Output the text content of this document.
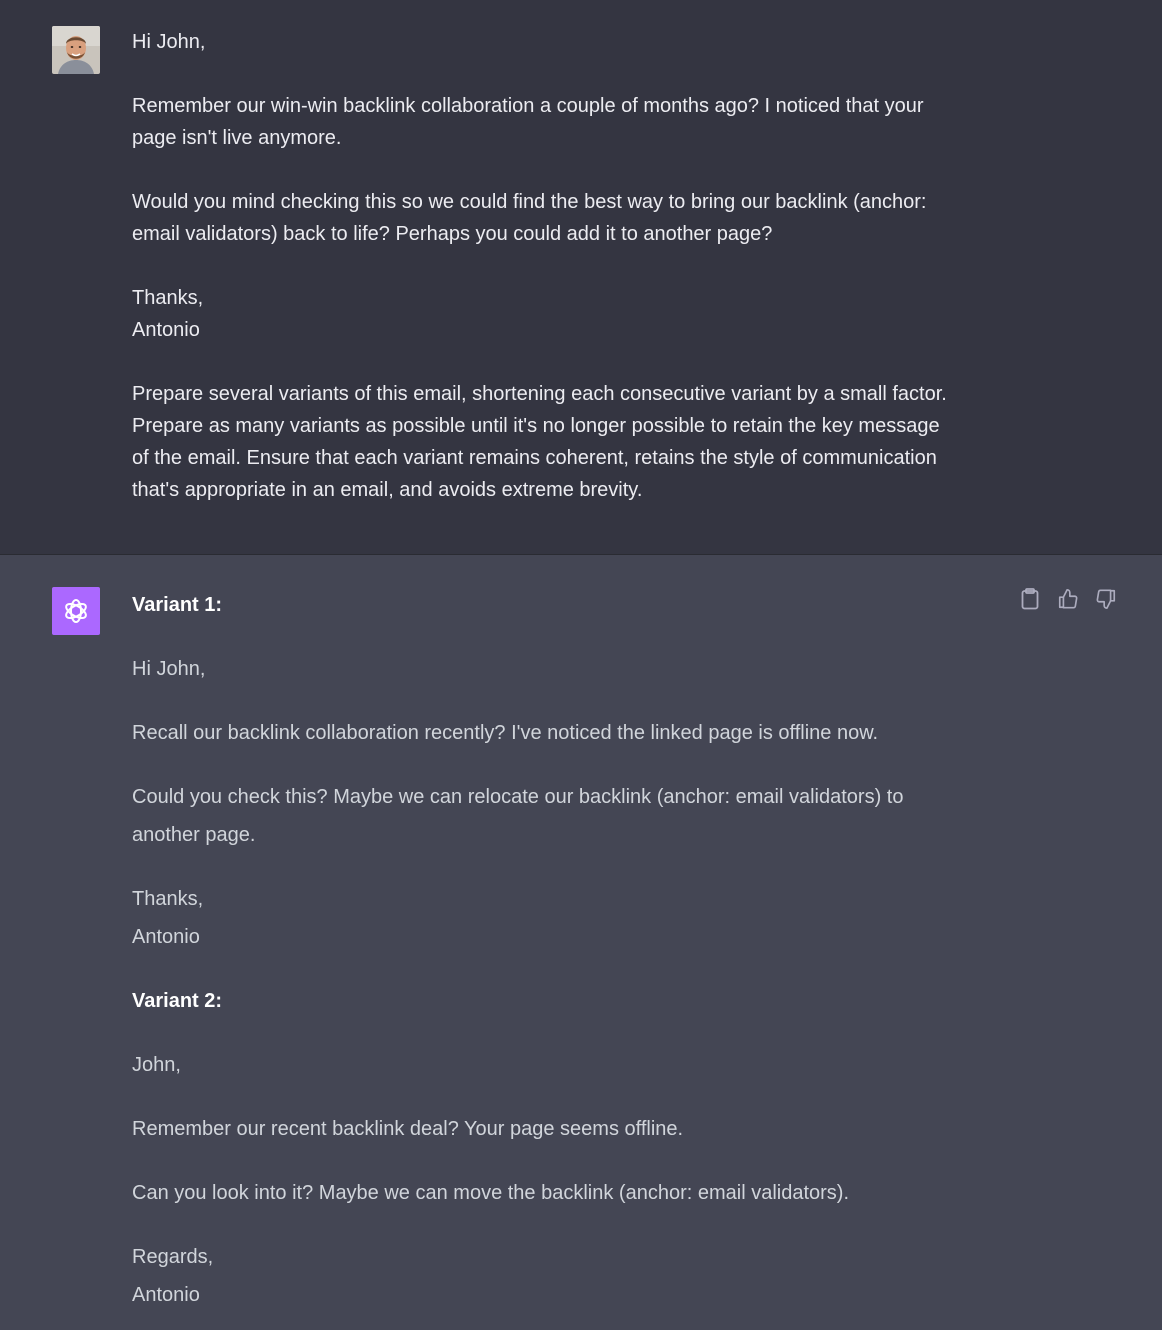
Hi John,

Remember our win-win backlink collaboration a couple of months ago? I noticed that your
page isn't live anymore.

Would you mind checking this so we could find the best way to bring our backlink (anchor:
email validators) back to life? Perhaps you could add it to another page?

Thanks,
Antonio

Prepare several variants of this email, shortening each consecutive variant by a small factor.
Prepare as many variants as possible until it's no longer possible to retain the key message
of the email. Ensure that each variant remains coherent, retains the style of communication
that's appropriate in an email, and avoids extreme brevity.

Variant 1:

Hi John,

Recall our backlink collaboration recently? I've noticed the linked page is offline now.

Could you check this? Maybe we can relocate our backlink (anchor: email validators) to
another page.

Thanks,
Antonio

Variant 2:

John,

Remember our recent backlink deal? Your page seems offline.

Can you look into it? Maybe we can move the backlink (anchor: email validators).

Regards,
Antonio
